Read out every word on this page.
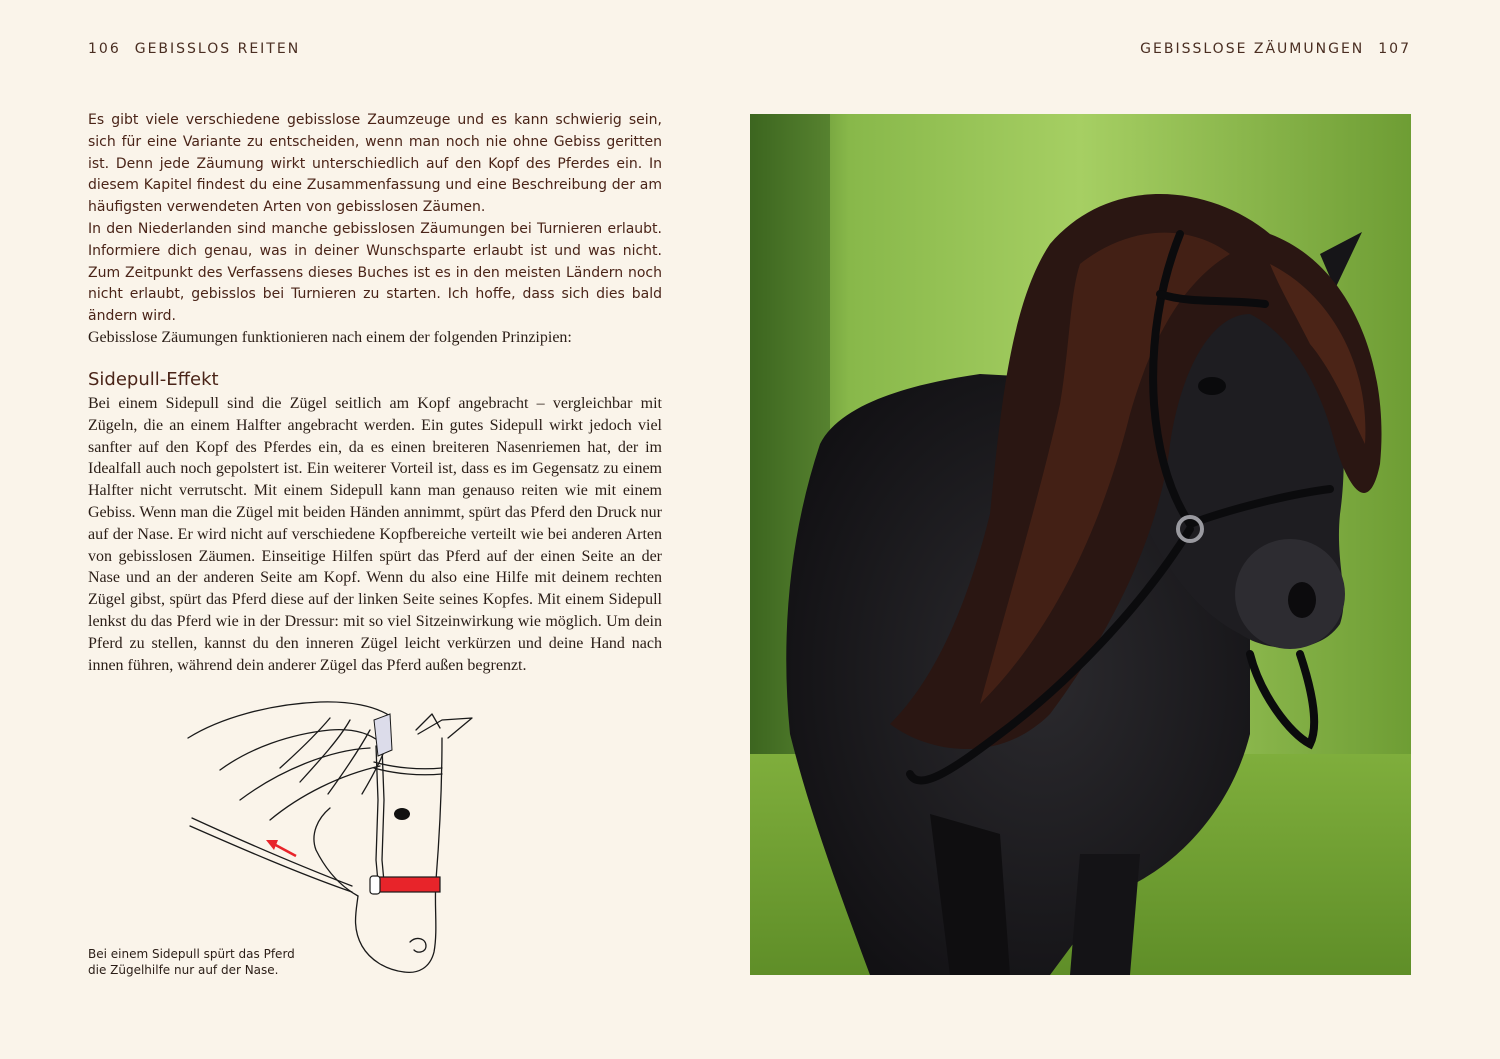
106 GEBISSLOS REITEN	GEBISSLOSE ZÄUMUNGEN 107

Es gibt viele verschiedene gebisslose Zaumzeuge und es kann schwierig sein, sich für eine Variante zu entscheiden, wenn man noch nie ohne Gebiss geritten ist. Denn jede Zäumung wirkt unterschiedlich auf den Kopf des Pferdes ein. In diesem Kapitel findest du eine Zusammenfassung und eine Beschreibung der am häufigsten verwendeten Arten von gebisslosen Zäumen.

In den Niederlanden sind manche gebisslosen Zäumungen bei Turnieren erlaubt. Informiere dich genau, was in deiner Wunschsparte erlaubt ist und was nicht. Zum Zeitpunkt des Verfassens dieses Buches ist es in den meisten Ländern noch nicht erlaubt, gebisslos bei Turnieren zu starten. Ich hoffe, dass sich dies bald ändern wird.

Gebisslose Zäumungen funktionieren nach einem der folgenden Prinzipien:

Sidepull-Effekt

Bei einem Sidepull sind die Zügel seitlich am Kopf angebracht – vergleichbar mit Zügeln, die an einem Halfter angebracht werden. Ein gutes Sidepull wirkt jedoch viel sanfter auf den Kopf des Pferdes ein, da es einen breiteren Nasenriemen hat, der im Idealfall auch noch gepolstert ist. Ein weiterer Vorteil ist, dass es im Gegensatz zu einem Halfter nicht verrutscht. Mit einem Sidepull kann man genauso reiten wie mit einem Gebiss. Wenn man die Zügel mit beiden Händen annimmt, spürt das Pferd den Druck nur auf der Nase. Er wird nicht auf verschiedene Kopfbereiche verteilt wie bei anderen Arten von gebisslosen Zäumen. Einseitige Hilfen spürt das Pferd auf der einen Seite an der Nase und an der anderen Seite am Kopf. Wenn du also eine Hilfe mit deinem rechten Zügel gibst, spürt das Pferd diese auf der linken Seite seines Kopfes. Mit einem Sidepull lenkst du das Pferd wie in der Dressur: mit so viel Sitzeinwirkung wie möglich. Um dein Pferd zu stellen, kannst du den inneren Zügel leicht verkürzen und deine Hand nach innen führen, während dein anderer Zügel das Pferd außen begrenzt.

Bei einem Sidepull spürt das Pferd
die Zügelhilfe nur auf der Nase.
